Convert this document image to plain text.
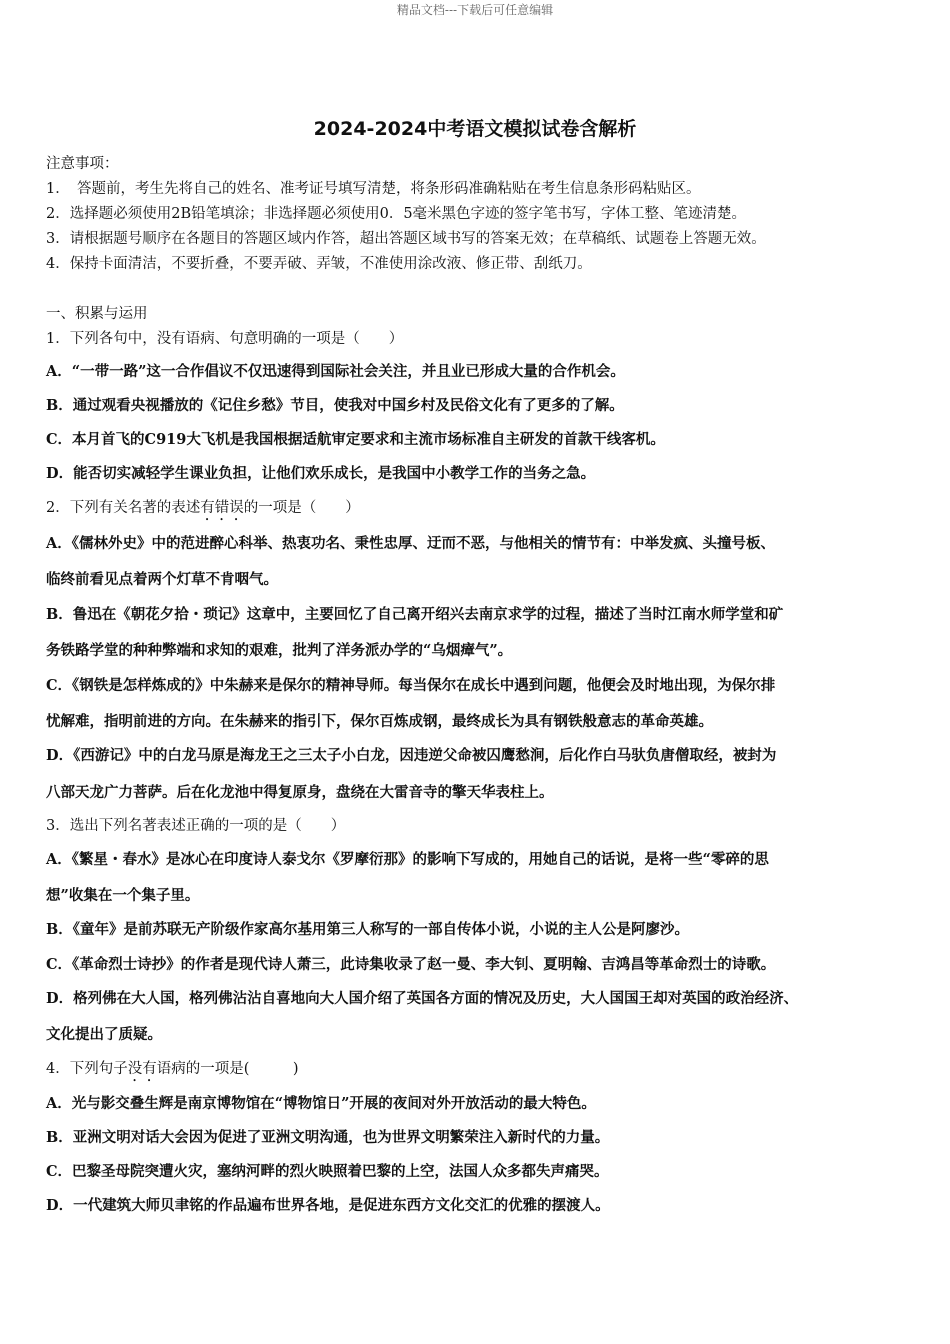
精品文档---下载后可任意编辑
2024-2024中考语文模拟试卷含解析
注意事项：
1．　答题前，考生先将自己的姓名、准考证号填写清楚，将条形码准确粘贴在考生信息条形码粘贴区。
2．选择题必须使用2B铅笔填涂；非选择题必须使用0．5毫米黑色字迹的签字笔书写，字体工整、笔迹清楚。
3．请根据题号顺序在各题目的答题区域内作答，超出答题区域书写的答案无效；在草稿纸、试题卷上答题无效。
4．保持卡面清洁，不要折叠，不要弄破、弄皱，不准使用涂改液、修正带、刮纸刀。
一、积累与运用
1．下列各句中，没有语病、句意明确的一项是（　　）
A．“一带一路”这一合作倡议不仅迅速得到国际社会关注，并且业已形成大量的合作机会。
B．通过观看央视播放的《记住乡愁》节目，使我对中国乡村及民俗文化有了更多的了解。
C．本月首飞的C919大飞机是我国根据适航审定要求和主流市场标准自主研发的首款干线客机。
D．能否切实减轻学生课业负担，让他们欢乐成长，是我国中小教学工作的当务之急。
2．下列有关名著的表述有错误的一项是（　　）
A．《儒林外史》中的范进醉心科举、热衷功名、秉性忠厚、迂而不恶，与他相关的情节有：中举发疯、头撞号板、
临终前看见点着两个灯草不肯咽气。
B．鲁迅在《朝花夕拾・琐记》这章中，主要回忆了自己离开绍兴去南京求学的过程，描述了当时江南水师学堂和矿
务铁路学堂的种种弊端和求知的艰难，批判了洋务派办学的“乌烟瘴气”。
C．《钢铁是怎样炼成的》中朱赫来是保尔的精神导师。每当保尔在成长中遇到问题，他便会及时地出现，为保尔排
忧解难，指明前进的方向。在朱赫来的指引下，保尔百炼成钢，最终成长为具有钢铁般意志的革命英雄。
D．《西游记》中的白龙马原是海龙王之三太子小白龙，因违逆父命被囚鹰愁涧，后化作白马驮负唐僧取经，被封为
八部天龙广力菩萨。后在化龙池中得复原身，盘绕在大雷音寺的擎天华表柱上。
3．选出下列名著表述正确的一项的是（　　）
A．《繁星・春水》是冰心在印度诗人泰戈尔《罗摩衍那》的影响下写成的，用她自己的话说，是将一些“零碎的思
想”收集在一个集子里。
B．《童年》是前苏联无产阶级作家高尔基用第三人称写的一部自传体小说，小说的主人公是阿廖沙。
C．《革命烈士诗抄》的作者是现代诗人萧三，此诗集收录了赵一曼、李大钊、夏明翰、吉鸿昌等革命烈士的诗歌。
D．格列佛在大人国，格列佛沾沾自喜地向大人国介绍了英国各方面的情况及历史，大人国国王却对英国的政治经济、
文化提出了质疑。
4．下列句子没有语病的一项是(　　　)
A．光与影交叠生辉是南京博物馆在“博物馆日”开展的夜间对外开放活动的最大特色。
B．亚洲文明对话大会因为促进了亚洲文明沟通，也为世界文明繁荣注入新时代的力量。
C．巴黎圣母院突遭火灾，塞纳河畔的烈火映照着巴黎的上空，法国人众多都失声痛哭。
D．一代建筑大师贝聿铭的作品遍布世界各地，是促进东西方文化交汇的优雅的摆渡人。
